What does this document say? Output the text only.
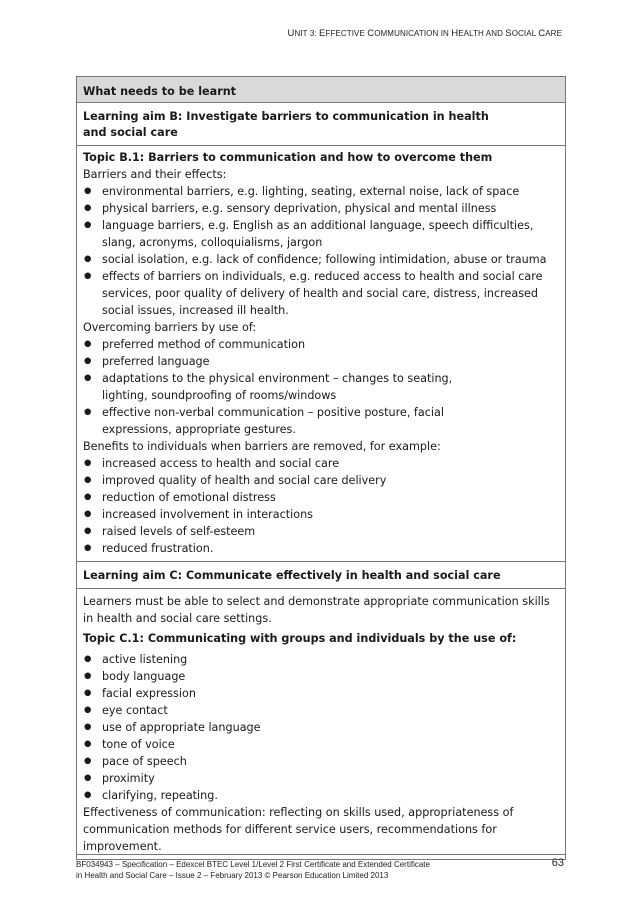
UNIT 3: EFFECTIVE COMMUNICATION IN HEALTH AND SOCIAL CARE
What needs to be learnt
Learning aim B: Investigate barriers to communication in health and social care
Topic B.1: Barriers to communication and how to overcome them
Barriers and their effects:
● environmental barriers, e.g. lighting, seating, external noise, lack of space
● physical barriers, e.g. sensory deprivation, physical and mental illness
● language barriers, e.g. English as an additional language, speech difficulties, slang, acronyms, colloquialisms, jargon
● social isolation, e.g. lack of confidence; following intimidation, abuse or trauma
● effects of barriers on individuals, e.g. reduced access to health and social care services, poor quality of delivery of health and social care, distress, increased social issues, increased ill health.
Overcoming barriers by use of:
● preferred method of communication
● preferred language
● adaptations to the physical environment – changes to seating, lighting, soundproofing of rooms/windows
● effective non-verbal communication – positive posture, facial expressions, appropriate gestures.
Benefits to individuals when barriers are removed, for example:
● increased access to health and social care
● improved quality of health and social care delivery
● reduction of emotional distress
● increased involvement in interactions
● raised levels of self-esteem
● reduced frustration.
Learning aim C: Communicate effectively in health and social care
Learners must be able to select and demonstrate appropriate communication skills in health and social care settings.
Topic C.1: Communicating with groups and individuals by the use of:
● active listening
● body language
● facial expression
● eye contact
● use of appropriate language
● tone of voice
● pace of speech
● proximity
● clarifying, repeating.
Effectiveness of communication: reflecting on skills used, appropriateness of communication methods for different service users, recommendations for improvement.
BF034943 – Specification – Edexcel BTEC Level 1/Level 2 First Certificate and Extended Certificate
in Health and Social Care – Issue 2 – February 2013 © Pearson Education Limited 2013
63
